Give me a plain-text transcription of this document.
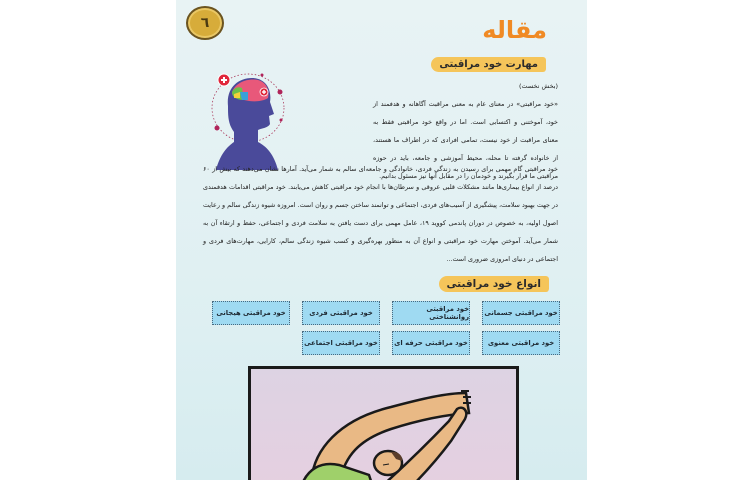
٦	مقاله
مهارت خود مراقبتی
(بخش نخست)
«خود مراقبتی» در معنای عام به معنی مراقبت آگاهانه و هدفمند از خود، آموختنی و اکتسابی است. اما در واقع خود مراقبتی فقط به معنای مراقبت از خود نیست، تمامی افرادی که در اطراف ما هستند، از خانواده گرفته تا محله، محیط آموزشی و جامعه، باید در حوزه مراقبتی ما قرار بگیرند و خودمان را در مقابل آنها نیز مسئول بدانیم.
خود مراقبتی گام مهمی برای رسیدن به زندگی فردی، خانوادگی و جامعه‌ای سالم به شمار می‌آید. آمارها نشان می‌دهند که بیش از ۶۰ درصد از انواع بیماری‌ها مانند مشکلات قلبی عروقی و سرطان‌ها با انجام خود مراقبتی کاهش می‌یابند. خود مراقبتی اقدامات هدفمندی در جهت بهبود سلامت، پیشگیری از آسیب‌های فردی، اجتماعی و توانمند ساختن جسم و روان است. امروزه شیوه زندگی سالم و رعایت اصول اولیه، به خصوص در دوران پاندمی کووید ۱۹، عامل مهمی برای دست یافتن به سلامت فردی و اجتماعی، حفظ و ارتقاء آن به شمار می‌آید. آموختن مهارت خود مراقبتی و انواع آن به منظور بهره‌گیری و کسب شیوه زندگی سالم، کارایی، مهارت‌های فردی و اجتماعی در دنیای امروزی ضروری است...
انواع خود مراقبتی
خود مراقبتی جسمانی
خود مراقبتی روانشناختی
خود مراقبتی فردی
خود مراقبتی هیجانی
خود مراقبتی معنوی
خود مراقبتی حرفه ای
خود مراقبتی اجتماعی
